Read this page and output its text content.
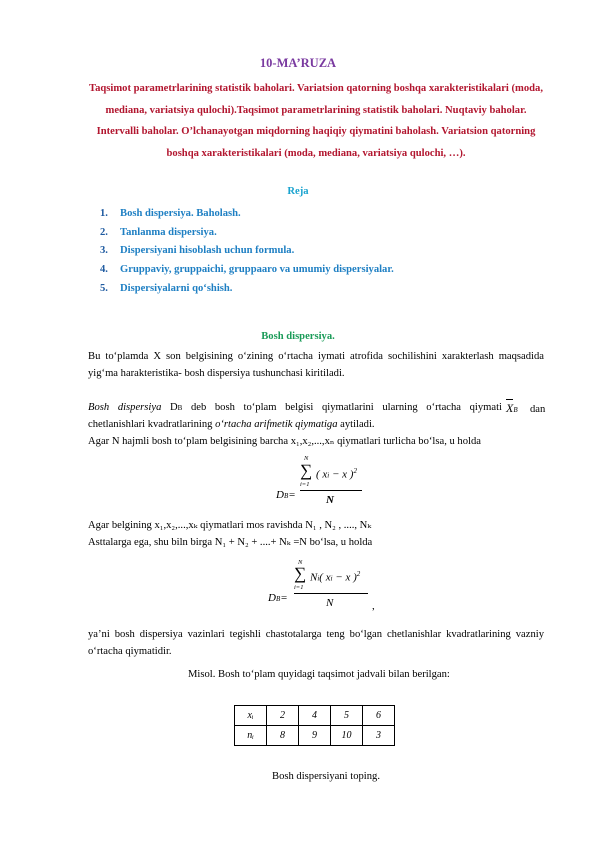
10-MA’RUZA
Taqsimot parametrlarining statistik baholari. Variatsion qatorning boshqa xarakteristikalari (moda, mediana, variatsiya qulochi).Taqsimot parametrlarining statistik baholari. Nuqtaviy baholar. Intervalli baholar. O’lchanayotgan miqdorning haqiqiy qiymatini baholash. Variatsion qatorning boshqa xarakteristikalari (moda, mediana, variatsiya qulochi, …).
Reja
1. Bosh dispersiya. Baholash.
2. Tanlanma dispersiya.
3. Dispersiyani hisoblash uchun formula.
4. Gruppaviy, gruppaichi, gruppaaro va umumiy dispersiyalar.
5. Dispersiyalarni qo‘shish.
Bosh dispersiya.

Bu to‘plamda X son belgisining o‘zining o‘rtacha iymati atrofida sochilishini xarakterlash maqsadida yig‘ma harakteristika- bosh dispersiya tushunchasi kiritiladi.

Bosh dispersiya DB deb bosh to‘plam belgisi qiymatlarini ularning o‘rtacha qiymati XB dan

chetlanishlari kvadratlarining o‘rtacha arifmetik qiymatiga aytiladi.

Agar N hajmli bosh to‘plam belgisining barcha x₁,x₂,...,xₙ qiymatlari turlicha bo‘lsa, u holda

DB=
N
∑
i=1
( xi − x )$^2$
N

Agar belgining x₁,x₂,...,xₖ qiymatlari mos ravishda N₁ , N₂ , ...., Nₖ

Asttalarga ega, shu biln birga N₁ + N₂ + ....+ Nₖ =N bo‘lsa, u holda

DB=
N
∑
i=1
Ni( xi − x )$^2$
N	,

ya’ni bosh dispersiya vazinlari tegishli chastotalarga teng bo‘lgan chetlanishlar kvadratlarining vazniy o‘rtacha qiymatidir.

Misol. Bosh to‘plam quyidagi taqsimot jadvali bilan berilgan:

xᵢ	2	4	5	6
nᵢ	8	9	10	3

Bosh dispersiyani toping.
